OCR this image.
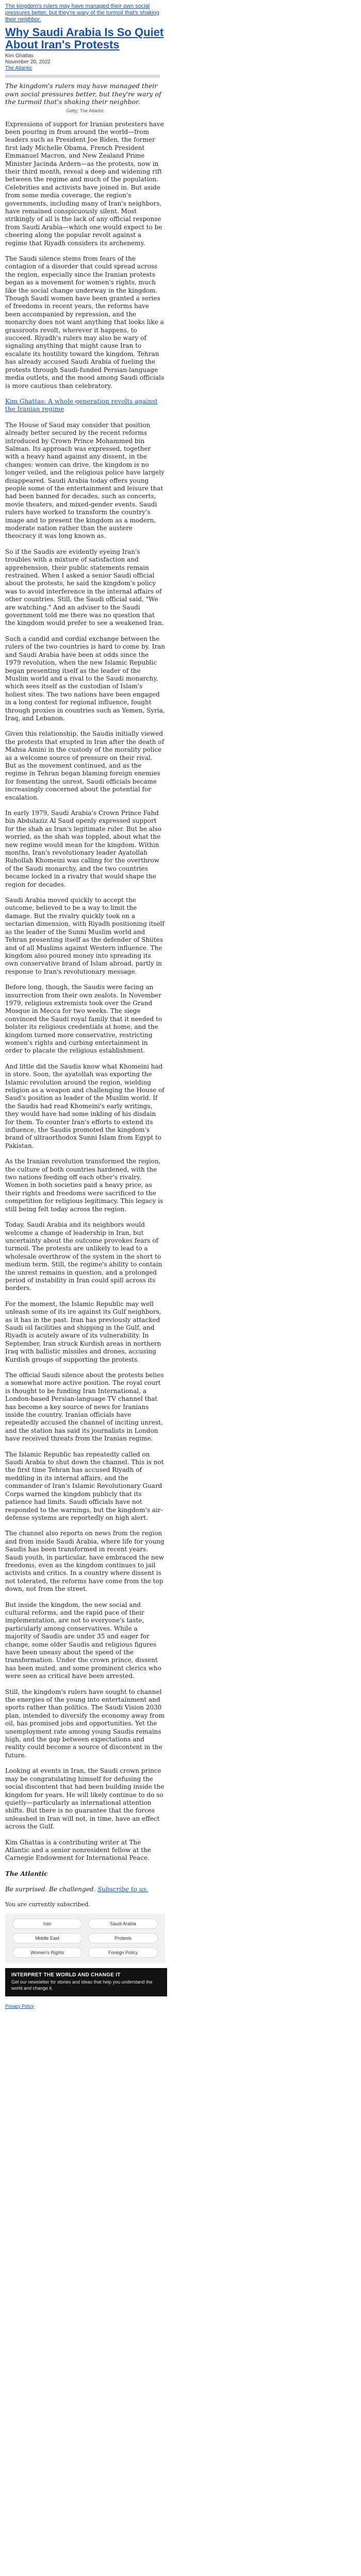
The kingdom's rulers may have managed their own social pressures better, but they're wary of the turmoil that's shaking their neighbor.
Why Saudi Arabia Is So Quiet About Iran's Protests
Kim Ghattas
November 20, 2022
The Atlantic

The kingdom's rulers may have managed their own social pressures better, but they're wary of the turmoil that's shaking their neighbor.

Getty; The Atlantic

Expressions of support for Iranian protesters have been pouring in from around the world—from leaders such as President Joe Biden, the former first lady Michelle Obama, French President Emmanuel Macron, and New Zealand Prime Minister Jacinda Ardern—as the protests, now in their third month, reveal a deep and widening rift between the regime and much of the population. Celebrities and activists have joined in. But aside from some media coverage, the region's governments, including many of Iran's neighbors, have remained conspicuously silent. Most strikingly of all is the lack of any official response from Saudi Arabia—which one would expect to be cheering along the popular revolt against a regime that Riyadh considers its archenemy.

The Saudi silence stems from fears of the contagion of a disorder that could spread across the region, especially since the Iranian protests began as a movement for women's rights, much like the social change underway in the kingdom. Though Saudi women have been granted a series of freedoms in recent years, the reforms have been accompanied by repression, and the monarchy does not want anything that looks like a grassroots revolt, wherever it happens, to succeed. Riyadh's rulers may also be wary of signaling anything that might cause Iran to escalate its hostility toward the kingdom. Tehran has already accused Saudi Arabia of fueling the protests through Saudi-funded Persian-language media outlets, and the mood among Saudi officials is more cautious than celebratory.

Kim Ghattas: A whole generation revolts against the Iranian regime

The House of Saud may consider that position already better secured by the recent reforms introduced by Crown Prince Mohammed bin Salman. Its approach was expressed, together with a heavy hand against any dissent, in the changes: women can drive, the kingdom is no longer veiled, and the religious police have largely disappeared. Saudi Arabia today offers young people some of the entertainment and leisure that had been banned for decades, such as concerts, movie theaters, and mixed-gender events. Saudi rulers have worked to transform the country's image and to present the kingdom as a modern, moderate nation rather than the austere theocracy it was long known as.

So if the Saudis are evidently eyeing Iran's troubles with a mixture of satisfaction and apprehension, their public statements remain restrained. When I asked a senior Saudi official about the protests, he said the kingdom's policy was to avoid interference in the internal affairs of other countries. Still, the Saudi official said, "We are watching." And an adviser to the Saudi government told me there was no question that the kingdom would prefer to see a weakened Iran.

Such a candid and cordial exchange between the rulers of the two countries is hard to come by. Iran and Saudi Arabia have been at odds since the 1979 revolution, when the new Islamic Republic began presenting itself as the leader of the Muslim world and a rival to the Saudi monarchy, which sees itself as the custodian of Islam's holiest sites. The two nations have been engaged in a long contest for regional influence, fought through proxies in countries such as Yemen, Syria, Iraq, and Lebanon.

Given this relationship, the Saudis initially viewed the protests that erupted in Iran after the death of Mahsa Amini in the custody of the morality police as a welcome source of pressure on their rival. But as the movement continued, and as the regime in Tehran began blaming foreign enemies for fomenting the unrest, Saudi officials became increasingly concerned about the potential for escalation.

In early 1979, Saudi Arabia's Crown Prince Fahd bin Abdulaziz Al Saud openly expressed support for the shah as Iran's legitimate ruler. But he also worried, as the shah was toppled, about what the new regime would mean for the kingdom. Within months, Iran's revolutionary leader Ayatollah Ruhollah Khomeini was calling for the overthrow of the Saudi monarchy, and the two countries became locked in a rivalry that would shape the region for decades.

Saudi Arabia moved quickly to accept the outcome, believed to be a way to limit the damage. But the rivalry quickly took on a sectarian dimension, with Riyadh positioning itself as the leader of the Sunni Muslim world and Tehran presenting itself as the defender of Shiites and of all Muslims against Western influence. The kingdom also poured money into spreading its own conservative brand of Islam abroad, partly in response to Iran's revolutionary message.

Before long, though, the Saudis were facing an insurrection from their own zealots. In November 1979, religious extremists took over the Grand Mosque in Mecca for two weeks. The siege convinced the Saudi royal family that it needed to bolster its religious credentials at home, and the kingdom turned more conservative, restricting women's rights and curbing entertainment in order to placate the religious establishment.

And little did the Saudis know what Khomeini had in store. Soon, the ayatollah was exporting the Islamic revolution around the region, wielding religion as a weapon and challenging the House of Saud's position as leader of the Muslim world. If the Saudis had read Khomeini's early writings, they would have had some inkling of his disdain for them. To counter Iran's efforts to extend its influence, the Saudis promoted the kingdom's brand of ultraorthodox Sunni Islam from Egypt to Pakistan.

As the Iranian revolution transformed the region, the culture of both countries hardened, with the two nations feeding off each other's rivalry. Women in both societies paid a heavy price, as their rights and freedoms were sacrificed to the competition for religious legitimacy. This legacy is still being felt today across the region.

Today, Saudi Arabia and its neighbors would welcome a change of leadership in Iran, but uncertainty about the outcome provokes fears of turmoil. The protests are unlikely to lead to a wholesale overthrow of the system in the short to medium term. Still, the regime's ability to contain the unrest remains in question, and a prolonged period of instability in Iran could spill across its borders.

For the moment, the Islamic Republic may well unleash some of its ire against its Gulf neighbors, as it has in the past. Iran has previously attacked Saudi oil facilities and shipping in the Gulf, and Riyadh is acutely aware of its vulnerability. In September, Iran struck Kurdish areas in northern Iraq with ballistic missiles and drones, accusing Kurdish groups of supporting the protests.

The official Saudi silence about the protests belies a somewhat more active position. The royal court is thought to be funding Iran International, a London-based Persian-language TV channel that has become a key source of news for Iranians inside the country. Iranian officials have repeatedly accused the channel of inciting unrest, and the station has said its journalists in London have received threats from the Iranian regime.

The Islamic Republic has repeatedly called on Saudi Arabia to shut down the channel. This is not the first time Tehran has accused Riyadh of meddling in its internal affairs, and the commander of Iran's Islamic Revolutionary Guard Corps warned the kingdom publicly that its patience had limits. Saudi officials have not responded to the warnings, but the kingdom's air-defense systems are reportedly on high alert.

The channel also reports on news from the region and from inside Saudi Arabia, where life for young Saudis has been transformed in recent years. Saudi youth, in particular, have embraced the new freedoms, even as the kingdom continues to jail activists and critics. In a country where dissent is not tolerated, the reforms have come from the top down, not from the street.

But inside the kingdom, the new social and cultural reforms, and the rapid pace of their implementation, are not to everyone's taste, particularly among conservatives. While a majority of Saudis are under 35 and eager for change, some older Saudis and religious figures have been uneasy about the speed of the transformation. Under the crown prince, dissent has been muted, and some prominent clerics who were seen as critical have been arrested.

Still, the kingdom's rulers have sought to channel the energies of the young into entertainment and sports rather than politics. The Saudi Vision 2030 plan, intended to diversify the economy away from oil, has promised jobs and opportunities. Yet the unemployment rate among young Saudis remains high, and the gap between expectations and reality could become a source of discontent in the future.

Looking at events in Iran, the Saudi crown prince may be congratulating himself for defusing the social discontent that had been building inside the kingdom for years. He will likely continue to do so quietly—particularly as international attention shifts. But there is no guarantee that the forces unleashed in Iran will not, in time, have an effect across the Gulf.

Kim Ghattas is a contributing writer at The Atlantic and a senior nonresident fellow at the Carnegie Endowment for International Peace.

The Atlantic

Be surprised. Be challenged. Subscribe to us.

You are currently subscribed.

Iran	Saudi Arabia
Middle East	Protests
Women's Rights	Foreign Policy
INTERPRET THE WORLD AND CHANGE IT
Get our newsletter for stories and ideas that help you understand the world and change it.
Privacy Policy
